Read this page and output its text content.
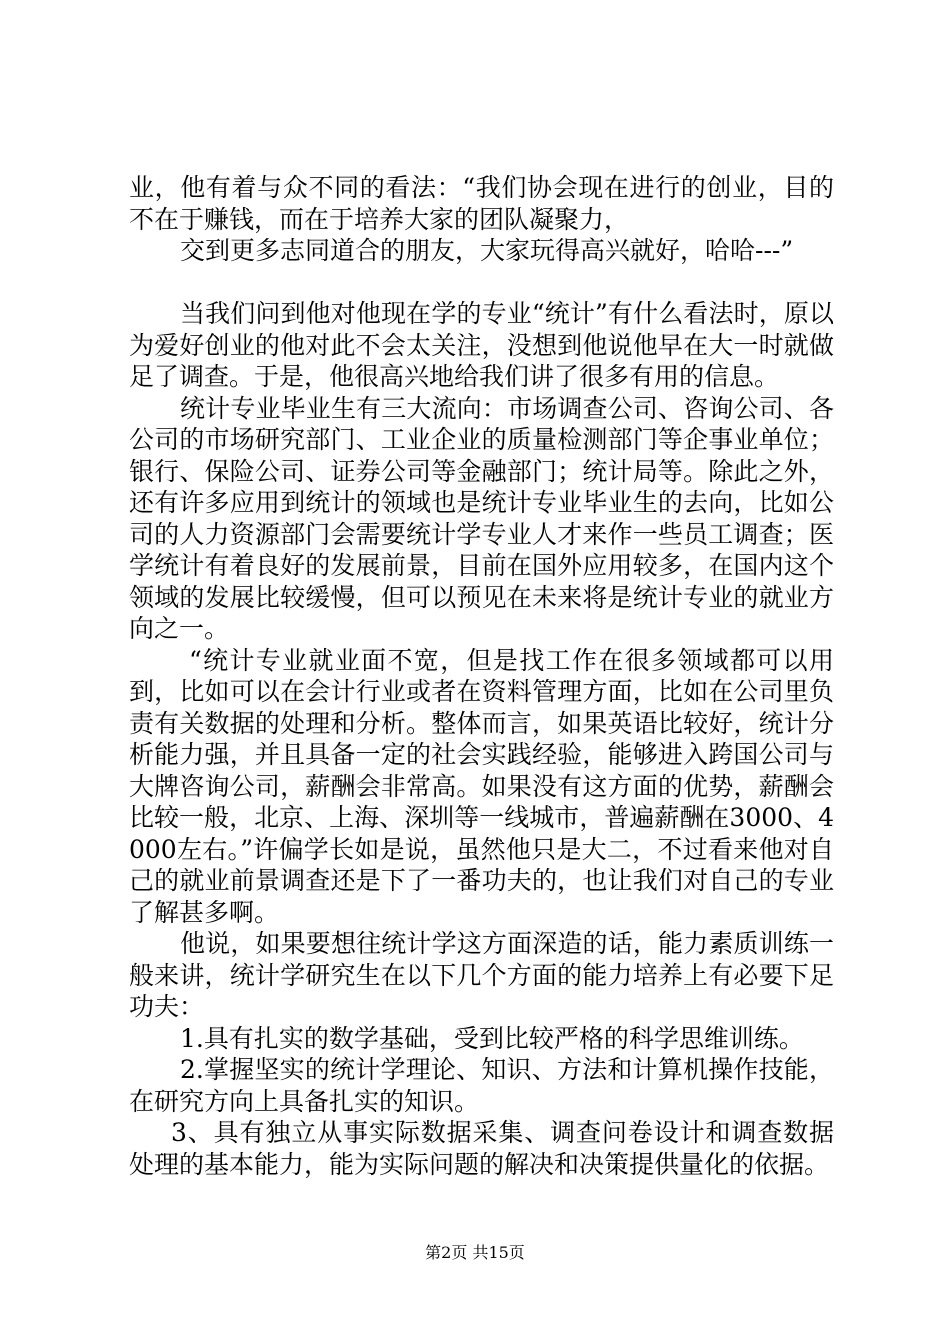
业，他有着与众不同的看法：“我们协会现在进行的创业，目的不在于赚钱，而在于培养大家的团队凝聚力，

交到更多志同道合的朋友，大家玩得高兴就好，哈哈---”

当我们问到他对他现在学的专业“统计”有什么看法时，原以为爱好创业的他对此不会太关注，没想到他说他早在大一时就做足了调查。于是，他很高兴地给我们讲了很多有用的信息。

统计专业毕业生有三大流向：市场调查公司、咨询公司、各公司的市场研究部门、工业企业的质量检测部门等企事业单位；银行、保险公司、证券公司等金融部门；统计局等。除此之外，还有许多应用到统计的领域也是统计专业毕业生的去向，比如公司的人力资源部门会需要统计学专业人才来作一些员工调查；医学统计有着良好的发展前景，目前在国外应用较多，在国内这个领域的发展比较缓慢，但可以预见在未来将是统计专业的就业方向之一。

“统计专业就业面不宽，但是找工作在很多领域都可以用到，比如可以在会计行业或者在资料管理方面，比如在公司里负责有关数据的处理和分析。整体而言，如果英语比较好，统计分析能力强，并且具备一定的社会实践经验，能够进入跨国公司与大牌咨询公司，薪酬会非常高。如果没有这方面的优势，薪酬会比较一般，北京、上海、深圳等一线城市，普遍薪酬在3000、4000左右。”许偏学长如是说，虽然他只是大二，不过看来他对自己的就业前景调查还是下了一番功夫的，也让我们对自己的专业了解甚多啊。

他说，如果要想往统计学这方面深造的话，能力素质训练一般来讲，统计学研究生在以下几个方面的能力培养上有必要下足功夫：

1.具有扎实的数学基础，受到比较严格的科学思维训练。

2.掌握坚实的统计学理论、知识、方法和计算机操作技能，在研究方向上具备扎实的知识。

3、具有独立从事实际数据采集、调查问卷设计和调查数据处理的基本能力，能为实际问题的解决和决策提供量化的依据。

第2页 共15页
